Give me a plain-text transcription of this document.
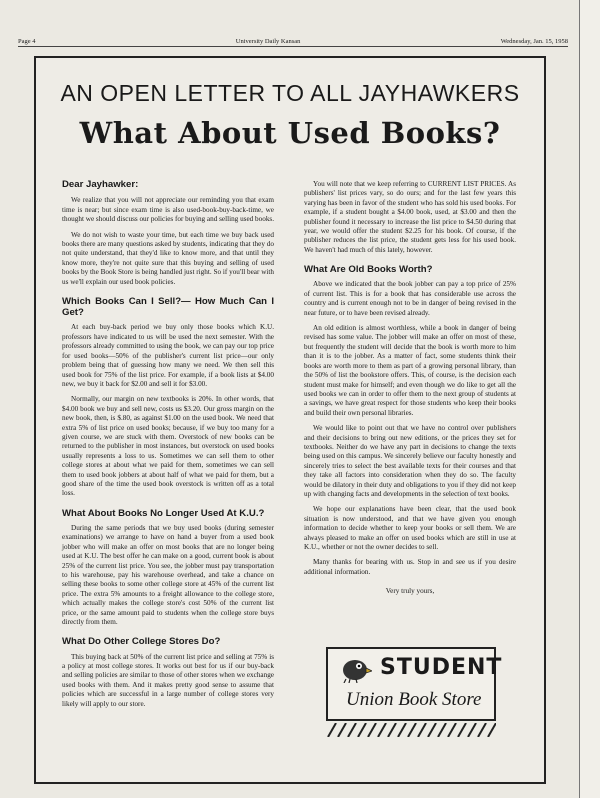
Page 4	University Daily Kansan	Wednesday, Jan. 15, 1958
AN OPEN LETTER TO ALL JAYHAWKERS
What About Used Books?
Dear Jayhawker:

We realize that you will not appreciate our reminding you that exam time is near; but since exam time is also used-book-buy-back-time, we thought we should discuss our policies for buying and selling used books.

We do not wish to waste your time, but each time we buy back used books there are many questions asked by students, indicating that they do not quite understand, that they'd like to know more, and that until they know more, they're not quite sure that this buying and selling of used books by the Book Store is being handled just right. So if you'll bear with us we'll explain our used book policies.

Which Books Can I Sell?— How Much Can I Get?

At each buy-back period we buy only those books which K.U. professors have indicated to us will be used the next semester. With the professors already committed to using the book, we can pay our top price for used books—50% of the publisher's current list price—our only problem being that of guessing how many we need. We then sell this used book for 75% of the list price. For example, if a book lists at $4.00 new, we buy it back for $2.00 and sell it for $3.00.

Normally, our margin on new textbooks is 20%. In other words, that $4.00 book we buy and sell new, costs us $3.20. Our gross margin on the new book, then, is $.80, as against $1.00 on the used book. We need that extra 5% of list price on used books; because, if we buy too many for a given course, we are stuck with them. Overstock of new books can be returned to the publisher in most instances, but overstock on used books usually represents a loss to us. Sometimes we can sell them to other college stores at about what we paid for them, sometimes we can sell them to used book jobbers at about half of what we paid for them, but a good share of the time the used book overstock is written off as a total loss.

What About Books No Longer Used At K.U.?

During the same periods that we buy used books (during semester examinations) we arrange to have on hand a buyer from a used book jobber who will make an offer on most books that are no longer being used at K.U. The best offer he can make on a good, current book is about 25% of the current list price. You see, the jobber must pay transportation to his warehouse, pay his warehouse overhead, and take a chance on selling these books to some other college store at 45% of the current list price. The extra 5% amounts to a freight allowance to the college store, which actually makes the college store's cost 50% of the current list price, or the same amount paid to students when the college store buys directly from them.

What Do Other College Stores Do?

This buying back at 50% of the current list price and selling at 75% is a policy at most college stores. It works out best for us if our buy-back and selling policies are similar to those of other stores when we exchange used books with them. And it makes pretty good sense to assume that policies which are successful in a large number of college stores very likely will apply to our store.

You will note that we keep referring to CURRENT LIST PRICES. As publishers' list prices vary, so do ours; and for the last few years this varying has been in favor of the student who has sold his used books. For example, if a student bought a $4.00 book, used, at $3.00 and then the publisher found it necessary to increase the list price to $4.50 during that year, we would offer the student $2.25 for his book. Of course, if the publisher reduces the list price, the student gets less for his used book. We haven't had much of this lately, however.

What Are Old Books Worth?

Above we indicated that the book jobber can pay a top price of 25% of current list. This is for a book that has considerable use across the country and is current enough not to be in danger of being revised in the near future, or to have been revised already.

An old edition is almost worthless, while a book in danger of being revised has some value. The jobber will make an offer on most of these, but frequently the student will decide that the book is worth more to him than it is to the jobber. As a matter of fact, some students think their books are worth more to them as part of a growing personal library, than the 50% of list the bookstore offers. This, of course, is the decision each student must make for himself; and even though we do like to get all the used books we can in order to offer them to the next group of students at a savings, we have great respect for those students who keep their books and build their own personal libraries.

We would like to point out that we have no control over publishers and their decisions to bring out new editions, or the prices they set for textbooks. Neither do we have any part in decisions to change the texts being used on this campus. We sincerely believe our faculty honestly and sincerely tries to select the best available texts for their courses and that they take all factors into consideration when they do so. The faculty would be dilatory in their duty and obligations to you if they did not keep up with changing facts and developments in the selection of text books.

We hope our explanations have been clear, that the used book situation is now understood, and that we have given you enough information to decide whether to keep your books or sell them. We are always pleased to make an offer on used books which are still in use at K.U., whether or not the owner decides to sell.

Many thanks for bearing with us. Stop in and see us if you desire additional information.

Very truly yours,
STUDENT
Union Book Store
